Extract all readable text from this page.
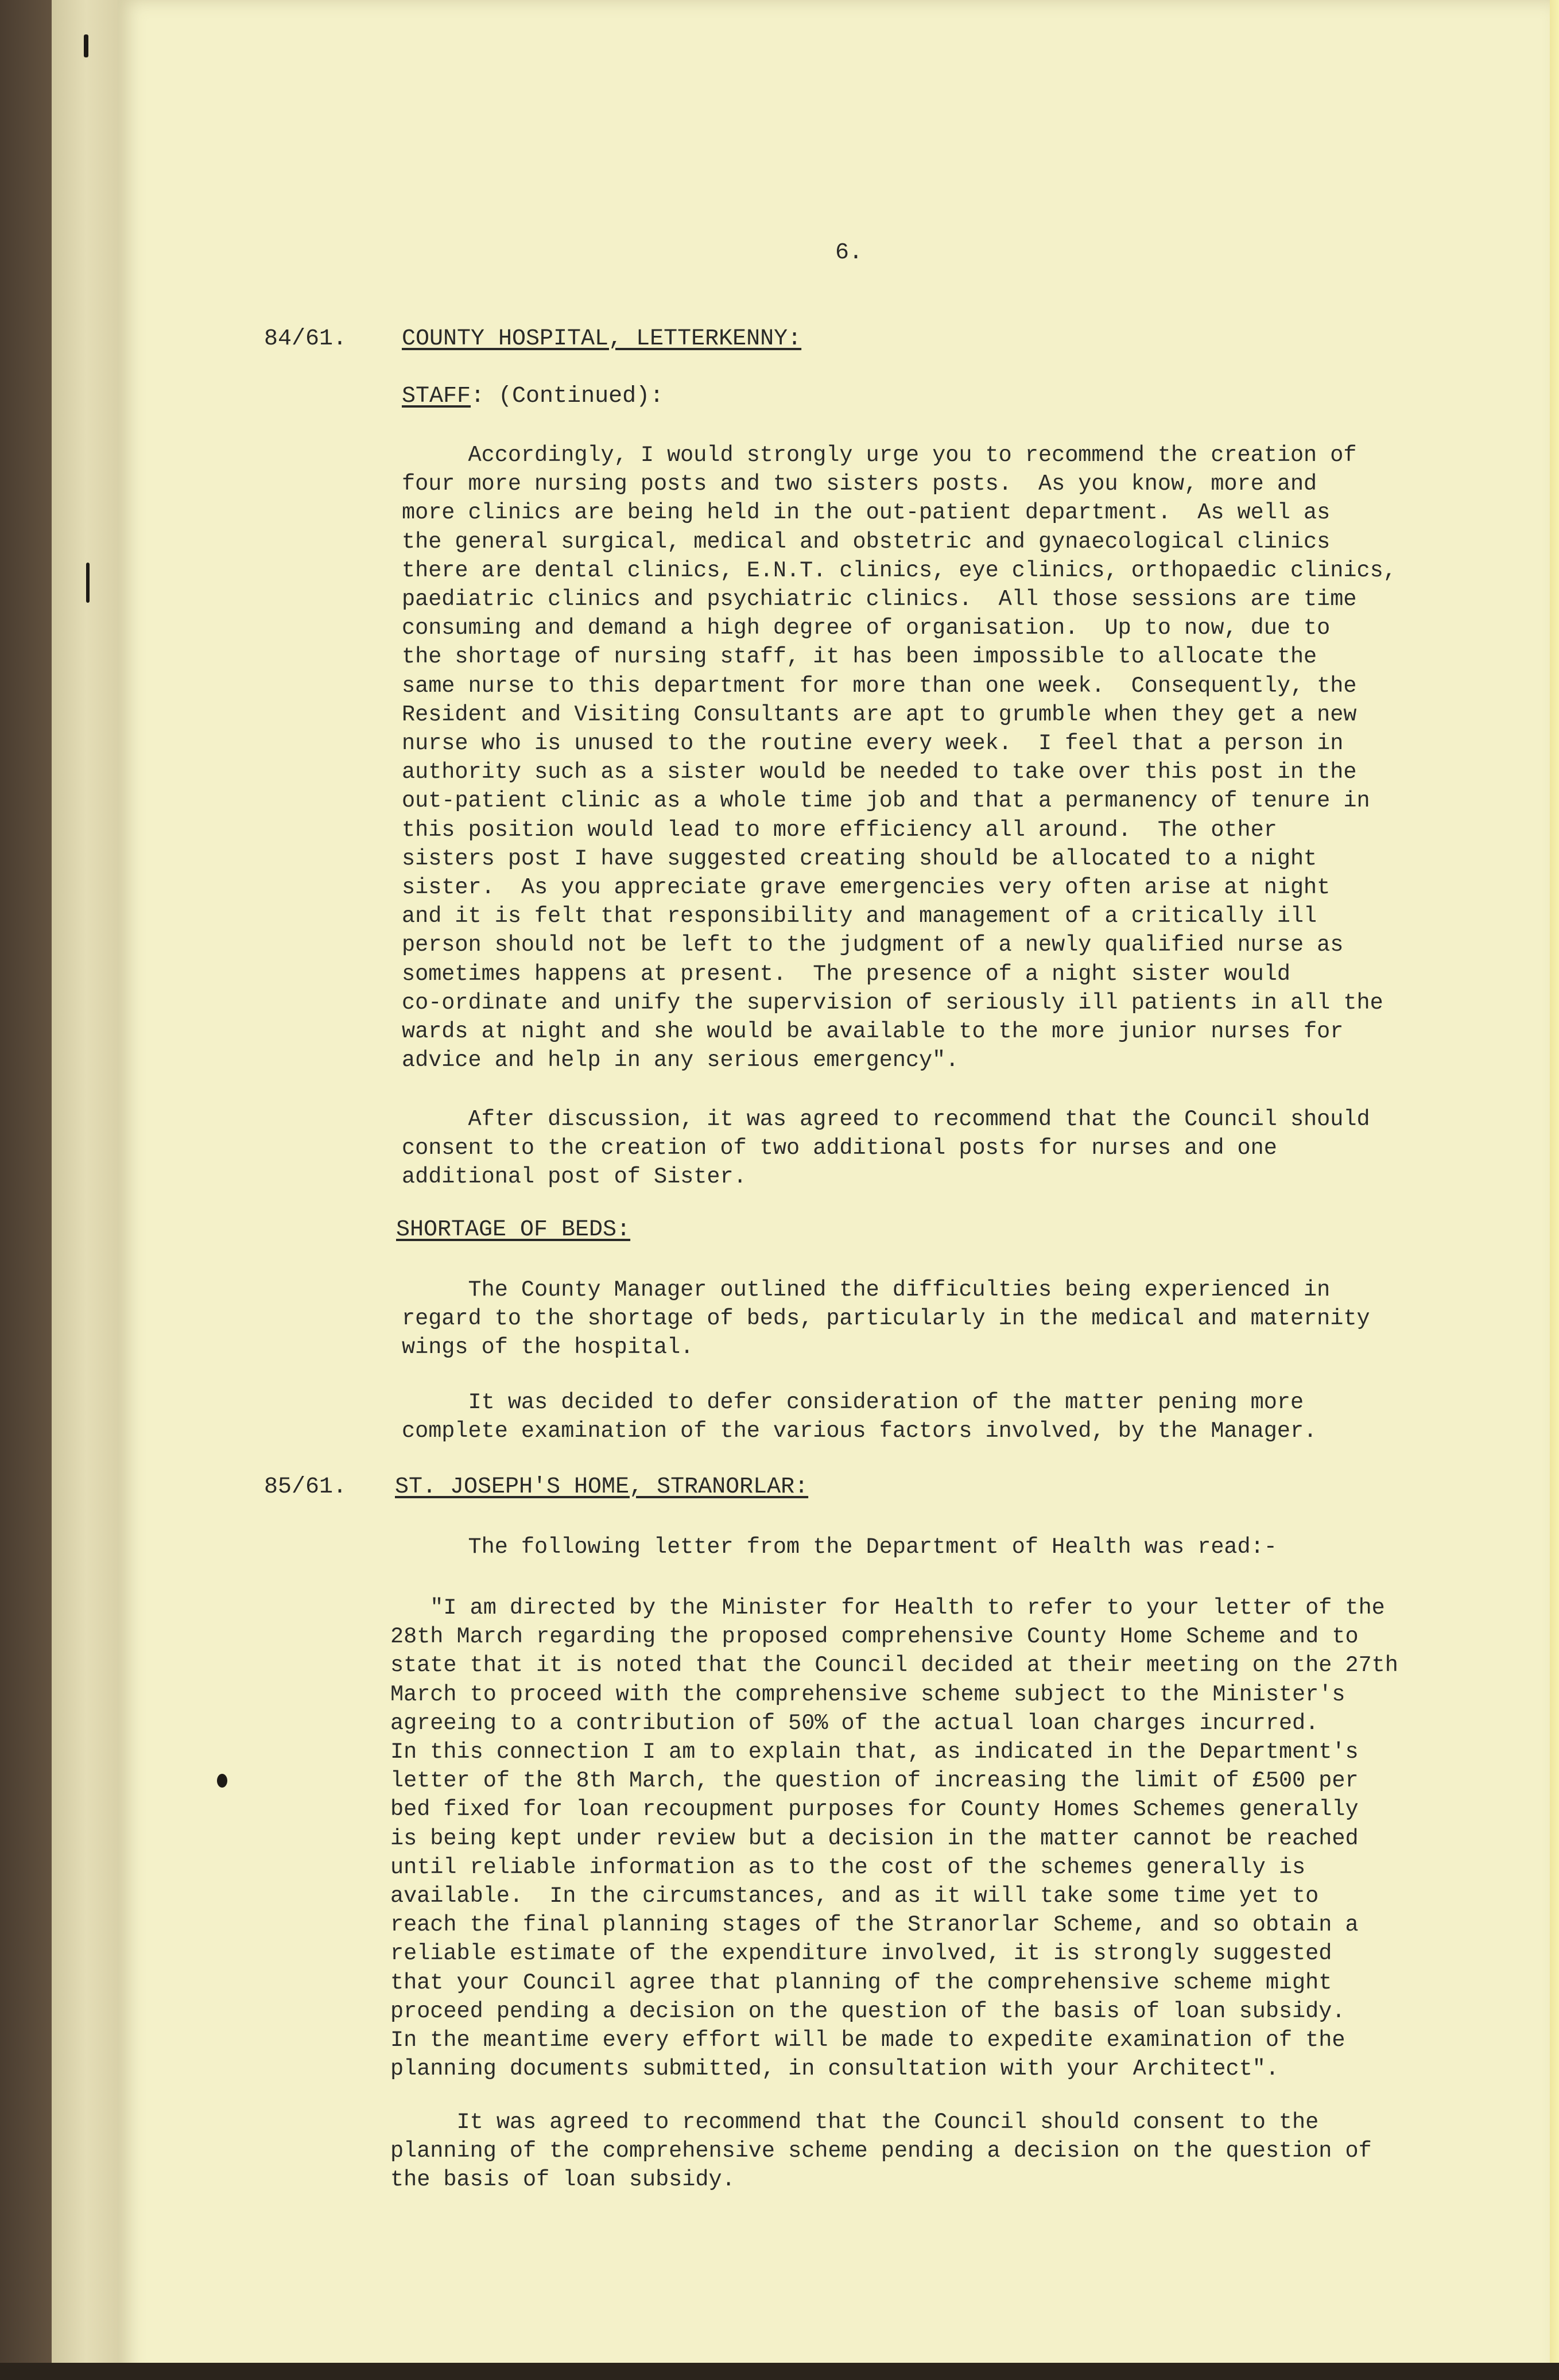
6.
84/61. COUNTY HOSPITAL, LETTERKENNY:
STAFF: (Continued):
Accordingly, I would strongly urge you to recommend the creation of
four more nursing posts and two sisters posts.  As you know, more and
more clinics are being held in the out-patient department.  As well as
the general surgical, medical and obstetric and gynaecological clinics
there are dental clinics, E.N.T. clinics, eye clinics, orthopaedic clinics,
paediatric clinics and psychiatric clinics.  All those sessions are time
consuming and demand a high degree of organisation.  Up to now, due to
the shortage of nursing staff, it has been impossible to allocate the
same nurse to this department for more than one week.  Consequently, the
Resident and Visiting Consultants are apt to grumble when they get a new
nurse who is unused to the routine every week.  I feel that a person in
authority such as a sister would be needed to take over this post in the
out-patient clinic as a whole time job and that a permanency of tenure in
this position would lead to more efficiency all around.  The other
sisters post I have suggested creating should be allocated to a night
sister.  As you appreciate grave emergencies very often arise at night
and it is felt that responsibility and management of a critically ill
person should not be left to the judgment of a newly qualified nurse as
sometimes happens at present.  The presence of a night sister would
co-ordinate and unify the supervision of seriously ill patients in all the
wards at night and she would be available to the more junior nurses for
advice and help in any serious emergency".
After discussion, it was agreed to recommend that the Council should
consent to the creation of two additional posts for nurses and one
additional post of Sister.
SHORTAGE OF BEDS:
The County Manager outlined the difficulties being experienced in
regard to the shortage of beds, particularly in the medical and maternity
wings of the hospital.
It was decided to defer consideration of the matter pening more
complete examination of the various factors involved, by the Manager.
85/61. ST. JOSEPH'S HOME, STRANORLAR:
The following letter from the Department of Health was read:-
"I am directed by the Minister for Health to refer to your letter of the
28th March regarding the proposed comprehensive County Home Scheme and to
state that it is noted that the Council decided at their meeting on the 27th
March to proceed with the comprehensive scheme subject to the Minister's
agreeing to a contribution of 50% of the actual loan charges incurred.
In this connection I am to explain that, as indicated in the Department's
letter of the 8th March, the question of increasing the limit of £500 per
bed fixed for loan recoupment purposes for County Homes Schemes generally
is being kept under review but a decision in the matter cannot be reached
until reliable information as to the cost of the schemes generally is
available.  In the circumstances, and as it will take some time yet to
reach the final planning stages of the Stranorlar Scheme, and so obtain a
reliable estimate of the expenditure involved, it is strongly suggested
that your Council agree that planning of the comprehensive scheme might
proceed pending a decision on the question of the basis of loan subsidy.
In the meantime every effort will be made to expedite examination of the
planning documents submitted, in consultation with your Architect".
It was agreed to recommend that the Council should consent to the
planning of the comprehensive scheme pending a decision on the question of
the basis of loan subsidy.
